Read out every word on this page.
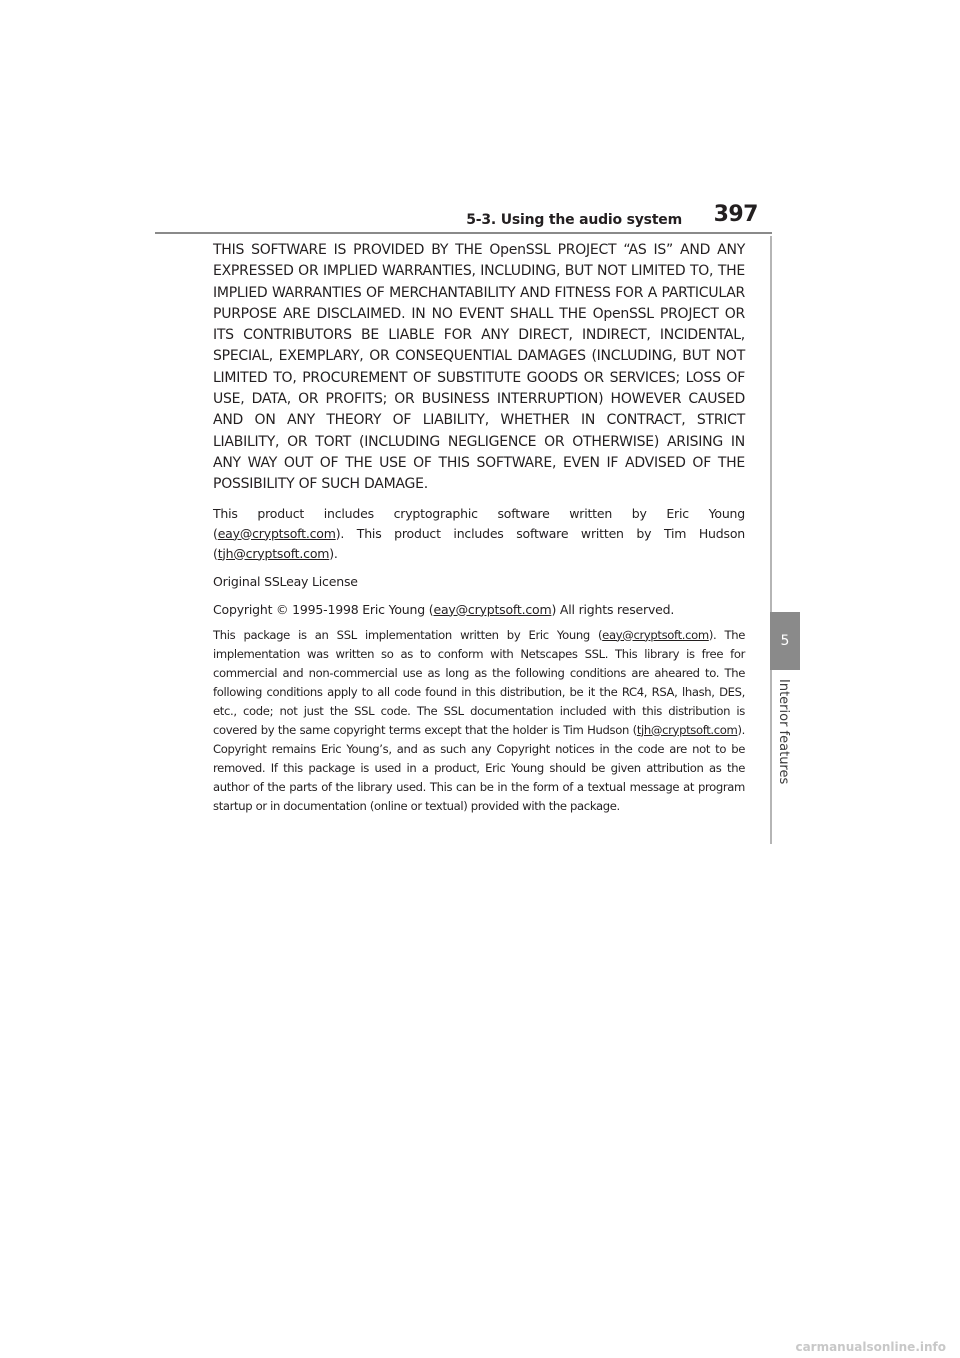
5-3. Using the audio system 397
5
Interior features

THIS SOFTWARE IS PROVIDED BY THE OpenSSL PROJECT “AS IS” AND ANY EXPRESSED OR IMPLIED WARRANTIES, INCLUDING, BUT NOT LIMITED TO, THE IMPLIED WARRANTIES OF MERCHANTABILITY AND FITNESS FOR A PARTICULAR PURPOSE ARE DISCLAIMED. IN NO EVENT SHALL THE OpenSSL PROJECT OR ITS CONTRIBUTORS BE LIABLE FOR ANY DIRECT, INDIRECT, INCIDENTAL, SPECIAL, EXEMPLARY, OR CONSEQUENTIAL DAMAGES (INCLUDING, BUT NOT LIMITED TO, PROCUREMENT OF SUBSTITUTE GOODS OR SERVICES; LOSS OF USE, DATA, OR PROFITS; OR BUSINESS INTERRUPTION) HOWEVER CAUSED AND ON ANY THEORY OF LIABILITY, WHETHER IN CONTRACT, STRICT LIABILITY, OR TORT (INCLUDING NEGLIGENCE OR OTHERWISE) ARISING IN ANY WAY OUT OF THE USE OF THIS SOFTWARE, EVEN IF ADVISED OF THE POSSIBILITY OF SUCH DAMAGE.

This product includes cryptographic software written by Eric Young (eay@cryptsoft.com). This product includes software written by Tim Hudson (tjh@cryptsoft.com).

Original SSLeay License

Copyright © 1995-1998 Eric Young (eay@cryptsoft.com) All rights reserved.

This package is an SSL implementation written by Eric Young (eay@cryptsoft.com). The implementation was written so as to conform with Netscapes SSL. This library is free for commercial and non-commercial use as long as the following conditions are aheared to. The following conditions apply to all code found in this distribution, be it the RC4, RSA, lhash, DES, etc., code; not just the SSL code. The SSL documentation included with this distribution is covered by the same copyright terms except that the holder is Tim Hudson (tjh@cryptsoft.com). Copyright remains Eric Young’s, and as such any Copyright notices in the code are not to be removed. If this package is used in a product, Eric Young should be given attribution as the author of the parts of the library used. This can be in the form of a textual message at program startup or in documentation (online or textual) provided with the package.

carmanualsonline.info
